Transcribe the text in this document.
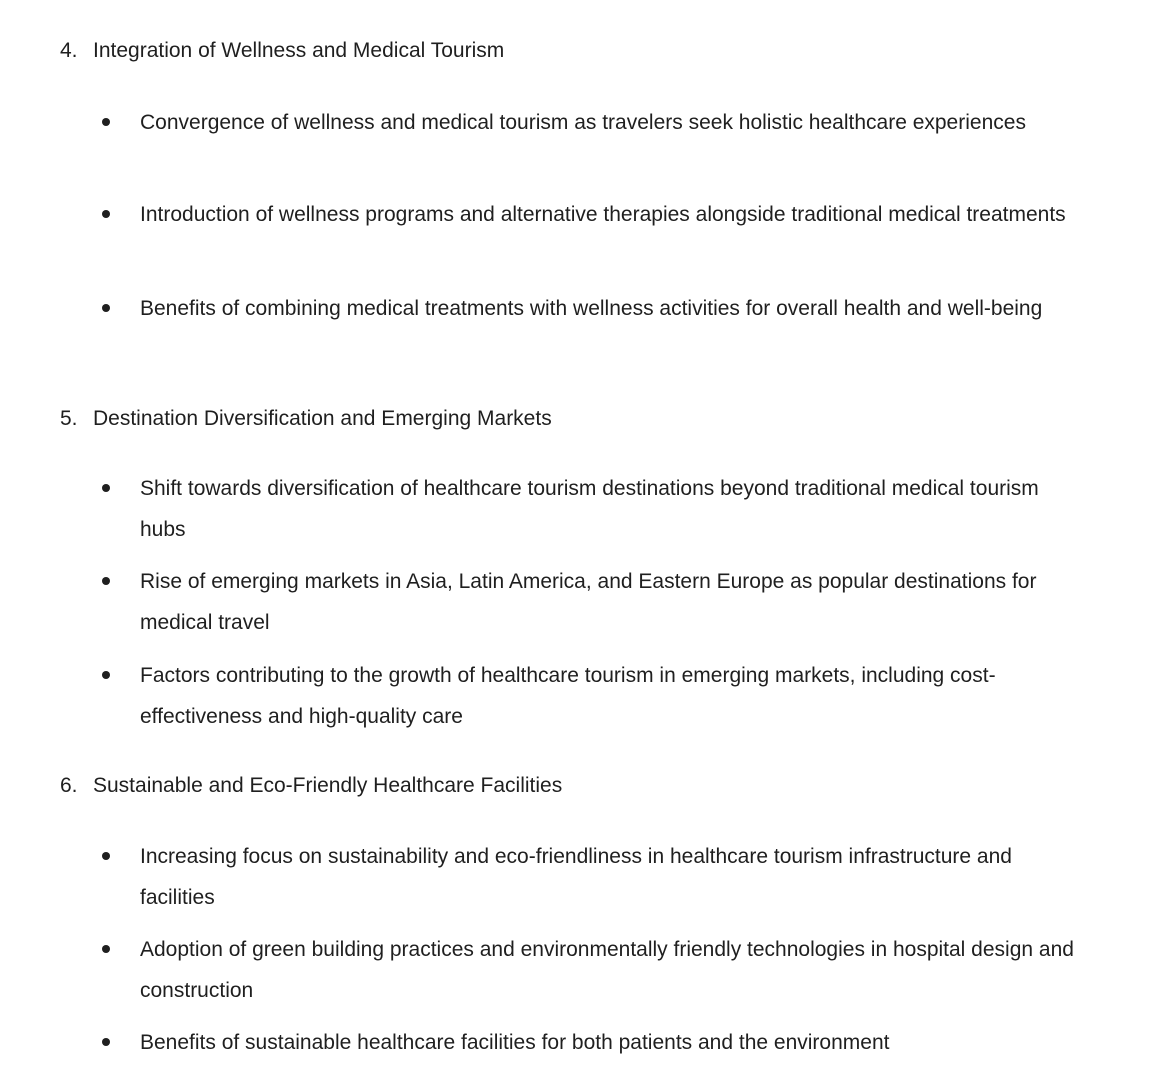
4. Integration of Wellness and Medical Tourism
Convergence of wellness and medical tourism as travelers seek holistic healthcare experiences
Introduction of wellness programs and alternative therapies alongside traditional medical treatments
Benefits of combining medical treatments with wellness activities for overall health and well-being
5. Destination Diversification and Emerging Markets
Shift towards diversification of healthcare tourism destinations beyond traditional medical tourism hubs
Rise of emerging markets in Asia, Latin America, and Eastern Europe as popular destinations for medical travel
Factors contributing to the growth of healthcare tourism in emerging markets, including cost-effectiveness and high-quality care
6. Sustainable and Eco-Friendly Healthcare Facilities
Increasing focus on sustainability and eco-friendliness in healthcare tourism infrastructure and facilities
Adoption of green building practices and environmentally friendly technologies in hospital design and construction
Benefits of sustainable healthcare facilities for both patients and the environment
